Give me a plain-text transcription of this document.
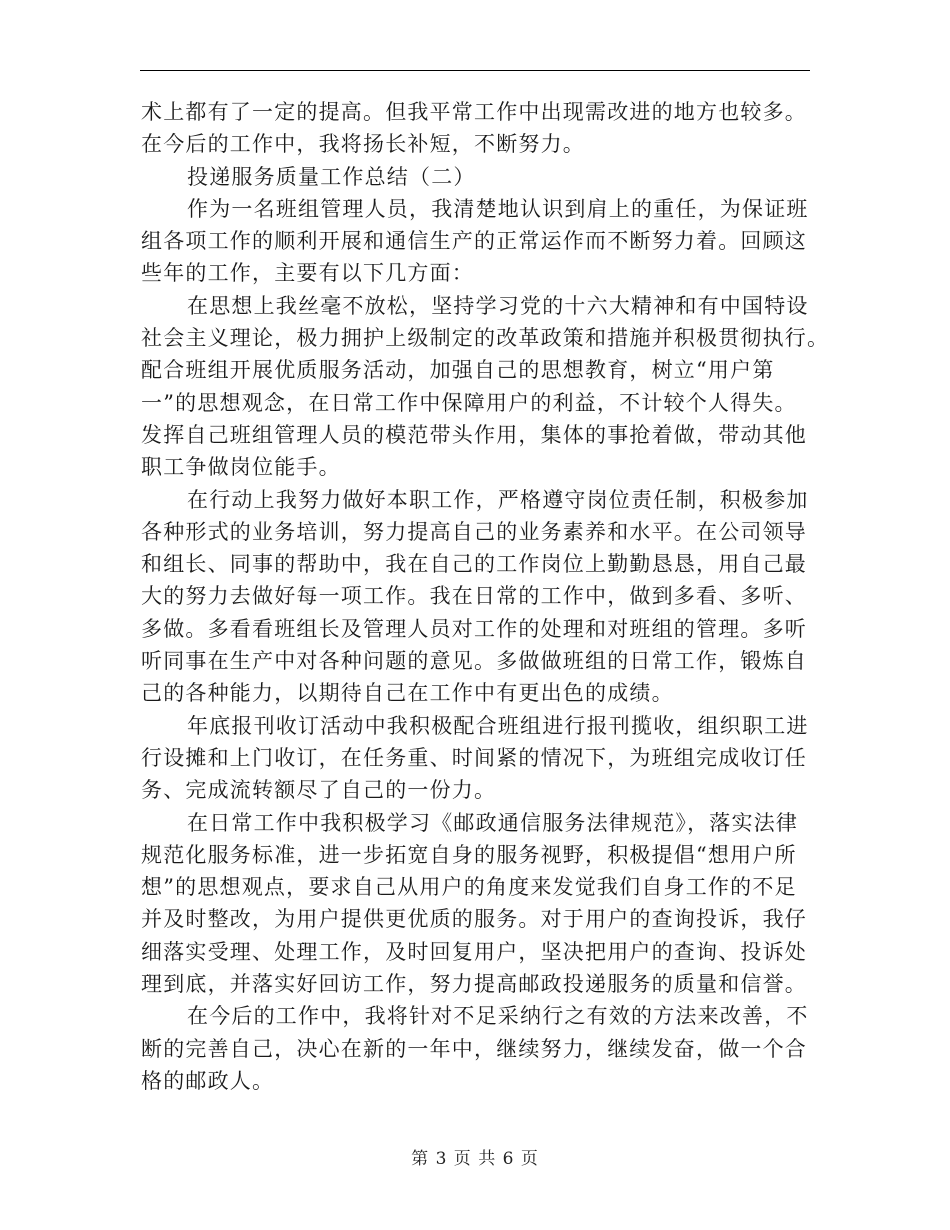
术上都有了一定的提高。但我平常工作中出现需改进的地方也较多。
在今后的工作中，我将扬长补短，不断努力。
投递服务质量工作总结（二）
作为一名班组管理人员，我清楚地认识到肩上的重任，为保证班
组各项工作的顺利开展和通信生产的正常运作而不断努力着。回顾这
些年的工作，主要有以下几方面：
在思想上我丝毫不放松，坚持学习党的十六大精神和有中国特设
社会主义理论，极力拥护上级制定的改革政策和措施并积极贯彻执行。
配合班组开展优质服务活动，加强自己的思想教育，树立“用户第
一”的思想观念，在日常工作中保障用户的利益，不计较个人得失。
发挥自己班组管理人员的模范带头作用，集体的事抢着做，带动其他
职工争做岗位能手。
在行动上我努力做好本职工作，严格遵守岗位责任制，积极参加
各种形式的业务培训，努力提高自己的业务素养和水平。在公司领导
和组长、同事的帮助中，我在自己的工作岗位上勤勤恳恳，用自己最
大的努力去做好每一项工作。我在日常的工作中，做到多看、多听、
多做。多看看班组长及管理人员对工作的处理和对班组的管理。多听
听同事在生产中对各种问题的意见。多做做班组的日常工作，锻炼自
己的各种能力，以期待自己在工作中有更出色的成绩。
年底报刊收订活动中我积极配合班组进行报刊揽收，组织职工进
行设摊和上门收订，在任务重、时间紧的情况下，为班组完成收订任
务、完成流转额尽了自己的一份力。
在日常工作中我积极学习《邮政通信服务法律规范》，落实法律
规范化服务标准，进一步拓宽自身的服务视野，积极提倡“想用户所
想”的思想观点，要求自己从用户的角度来发觉我们自身工作的不足
并及时整改，为用户提供更优质的服务。对于用户的查询投诉，我仔
细落实受理、处理工作，及时回复用户，坚决把用户的查询、投诉处
理到底，并落实好回访工作，努力提高邮政投递服务的质量和信誉。
在今后的工作中，我将针对不足采纳行之有效的方法来改善，不
断的完善自己，决心在新的一年中，继续努力，继续发奋，做一个合
格的邮政人。
第 3 页 共 6 页
